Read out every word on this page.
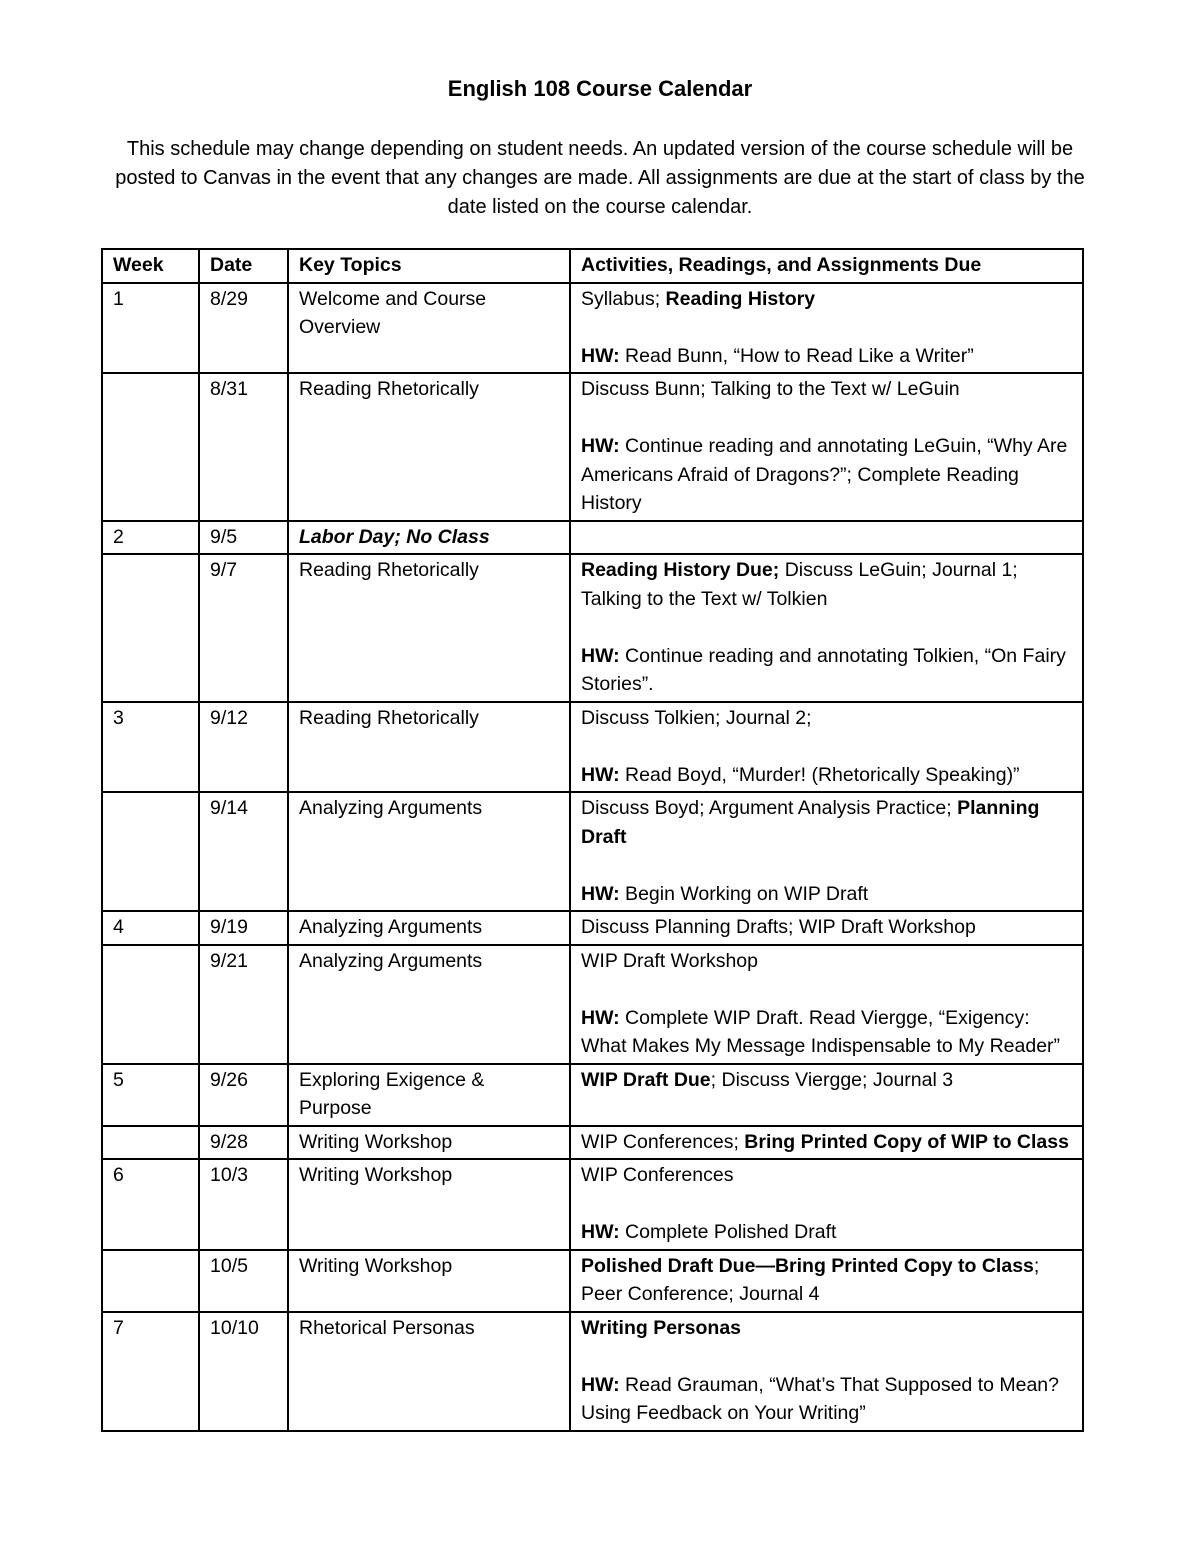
English 108 Course Calendar

This schedule may change depending on student needs. An updated version of the course schedule will be posted to Canvas in the event that any changes are made. All assignments are due at the start of class by the date listed on the course calendar.

Week	Date	Key Topics	Activities, Readings, and Assignments Due
1	8/29	Welcome and Course Overview	Syllabus; Reading History
HW: Read Bunn, “How to Read Like a Writer”

	8/31	Reading Rhetorically	Discuss Bunn; Talking to the Text w/ LeGuin
HW: Continue reading and annotating LeGuin, “Why Are Americans Afraid of Dragons?”; Complete Reading History

2	9/5	Labor Day; No Class	
	9/7	Reading Rhetorically	Reading History Due; Discuss LeGuin; Journal 1; Talking to the Text w/ Tolkien
HW: Continue reading and annotating Tolkien, “On Fairy Stories”.

3	9/12	Reading Rhetorically	Discuss Tolkien; Journal 2;
HW: Read Boyd, “Murder! (Rhetorically Speaking)”

	9/14	Analyzing Arguments	Discuss Boyd; Argument Analysis Practice; Planning Draft
HW: Begin Working on WIP Draft

4	9/19	Analyzing Arguments	Discuss Planning Drafts; WIP Draft Workshop

	9/21	Analyzing Arguments	WIP Draft Workshop
HW: Complete WIP Draft. Read Viergge, “Exigency: What Makes My Message Indispensable to My Reader”

5	9/26	Exploring Exigence & Purpose	WIP Draft Due; Discuss Viergge; Journal 3

	9/28	Writing Workshop	WIP Conferences; Bring Printed Copy of WIP to Class

6	10/3	Writing Workshop	WIP Conferences
HW: Complete Polished Draft

	10/5	Writing Workshop	Polished Draft Due—Bring Printed Copy to Class; Peer Conference; Journal 4

7	10/10	Rhetorical Personas	Writing Personas
HW: Read Grauman, “What’s That Supposed to Mean? Using Feedback on Your Writing”
